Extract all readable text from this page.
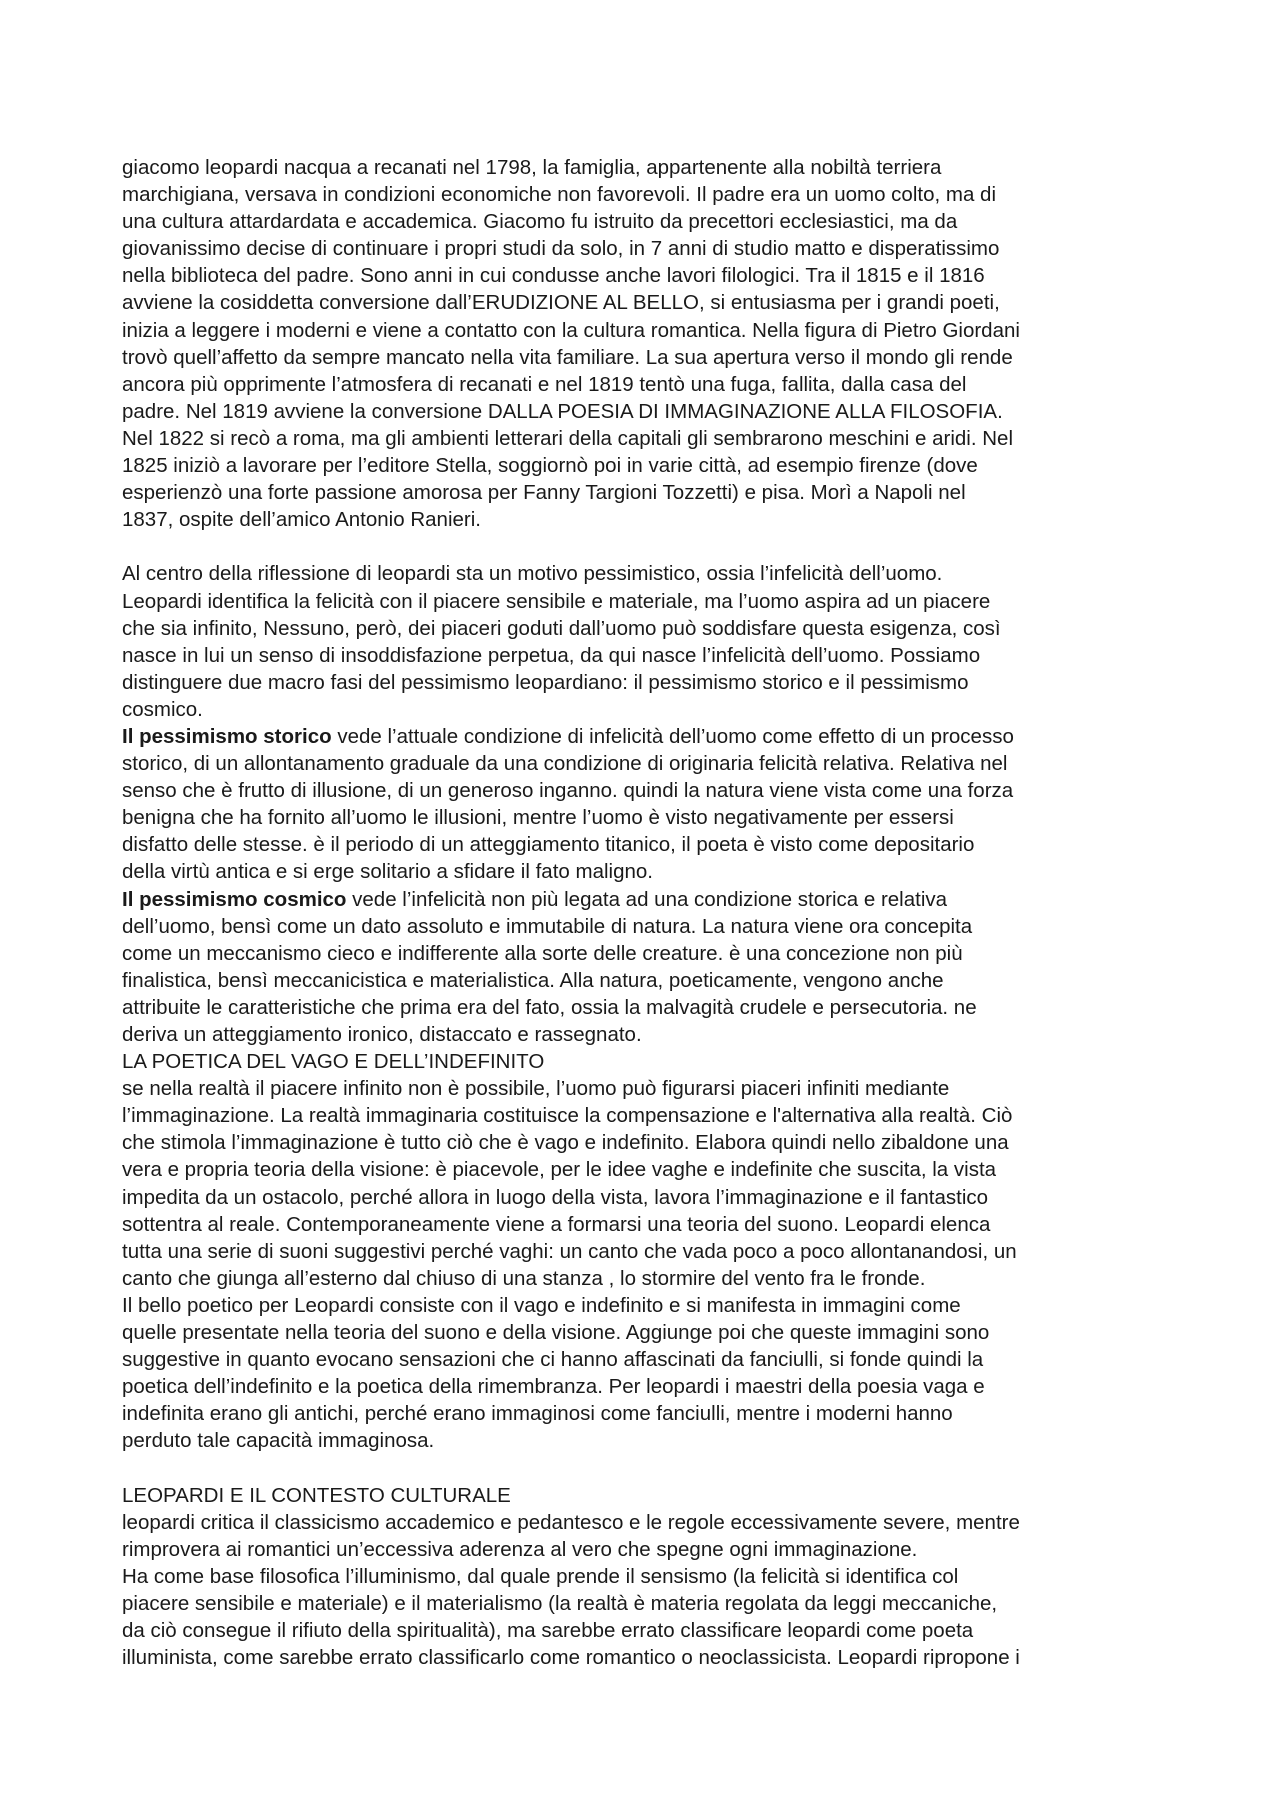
giacomo leopardi nacqua a recanati nel 1798, la famiglia, appartenente alla nobiltà terriera
marchigiana, versava in condizioni economiche non favorevoli. Il padre era un uomo colto, ma di
una cultura attardardata e accademica. Giacomo fu istruito da precettori ecclesiastici, ma da
giovanissimo decise di continuare i propri studi da solo, in 7 anni di studio matto e disperatissimo
nella biblioteca del padre. Sono anni in cui condusse anche lavori filologici. Tra il 1815 e il 1816
avviene la cosiddetta conversione dall’ERUDIZIONE AL BELLO, si entusiasma per i grandi poeti,
inizia a leggere i moderni e viene a contatto con la cultura romantica. Nella figura di Pietro Giordani
trovò quell’affetto da sempre mancato nella vita familiare. La sua apertura verso il mondo gli rende
ancora più opprimente l’atmosfera di recanati e nel 1819 tentò una fuga, fallita, dalla casa del
padre. Nel 1819 avviene la conversione DALLA POESIA DI IMMAGINAZIONE ALLA FILOSOFIA.
Nel 1822 si recò a roma, ma gli ambienti letterari della capitali gli sembrarono meschini e aridi. Nel
1825 iniziò a lavorare per l’editore Stella, soggiornò poi in varie città, ad esempio firenze (dove
esperienzò una forte passione amorosa per Fanny Targioni Tozzetti) e pisa. Morì a Napoli nel
1837, ospite dell’amico Antonio Ranieri.

Al centro della riflessione di leopardi sta un motivo pessimistico, ossia l’infelicità dell’uomo.
Leopardi identifica la felicità con il piacere sensibile e materiale, ma l’uomo aspira ad un piacere
che sia infinito, Nessuno, però, dei piaceri goduti dall’uomo può soddisfare questa esigenza, così
nasce in lui un senso di insoddisfazione perpetua, da qui nasce l’infelicità dell’uomo. Possiamo
distinguere due macro fasi del pessimismo leopardiano: il pessimismo storico e il pessimismo
cosmico.

Il pessimismo storico vede l’attuale condizione di infelicità dell’uomo come effetto di un processo
storico, di un allontanamento graduale da una condizione di originaria felicità relativa. Relativa nel
senso che è frutto di illusione, di un generoso inganno. quindi la natura viene vista come una forza
benigna che ha fornito all’uomo le illusioni, mentre l’uomo è visto negativamente per essersi
disfatto delle stesse. è il periodo di un atteggiamento titanico, il poeta è visto come depositario
della virtù antica e si erge solitario a sfidare il fato maligno.

Il pessimismo cosmico vede l’infelicità non più legata ad una condizione storica e relativa
dell’uomo, bensì come un dato assoluto e immutabile di natura. La natura viene ora concepita
come un meccanismo cieco e indifferente alla sorte delle creature. è una concezione non più
finalistica, bensì meccanicistica e materialistica. Alla natura, poeticamente, vengono anche
attribuite le caratteristiche che prima era del fato, ossia la malvagità crudele e persecutoria. ne
deriva un atteggiamento ironico, distaccato e rassegnato.

LA POETICA DEL VAGO E DELL’INDEFINITO

se nella realtà il piacere infinito non è possibile, l’uomo può figurarsi piaceri infiniti mediante
l’immaginazione. La realtà immaginaria costituisce la compensazione e l'alternativa alla realtà. Ciò
che stimola l’immaginazione è tutto ciò che è vago e indefinito. Elabora quindi nello zibaldone una
vera e propria teoria della visione: è piacevole, per le idee vaghe e indefinite che suscita, la vista
impedita da un ostacolo, perché allora in luogo della vista, lavora l’immaginazione e il fantastico
sottentra al reale. Contemporaneamente viene a formarsi una teoria del suono. Leopardi elenca
tutta una serie di suoni suggestivi perché vaghi: un canto che vada poco a poco allontanandosi, un
canto che giunga all’esterno dal chiuso di una stanza , lo stormire del vento fra le fronde.

Il bello poetico per Leopardi consiste con il vago e indefinito e si manifesta in immagini come
quelle presentate nella teoria del suono e della visione. Aggiunge poi che queste immagini sono
suggestive in quanto evocano sensazioni che ci hanno affascinati da fanciulli, si fonde quindi la
poetica dell’indefinito e la poetica della rimembranza. Per leopardi i maestri della poesia vaga e
indefinita erano gli antichi, perché erano immaginosi come fanciulli, mentre i moderni hanno
perduto tale capacità immaginosa.

LEOPARDI E IL CONTESTO CULTURALE

leopardi critica il classicismo accademico e pedantesco e le regole eccessivamente severe, mentre
rimprovera ai romantici un’eccessiva aderenza al vero che spegne ogni immaginazione.

Ha come base filosofica l’illuminismo, dal quale prende il sensismo (la felicità si identifica col
piacere sensibile e materiale) e il materialismo (la realtà è materia regolata da leggi meccaniche,
da ciò consegue il rifiuto della spiritualità), ma sarebbe errato classificare leopardi come poeta
illuminista, come sarebbe errato classificarlo come romantico o neoclassicista. Leopardi ripropone i
